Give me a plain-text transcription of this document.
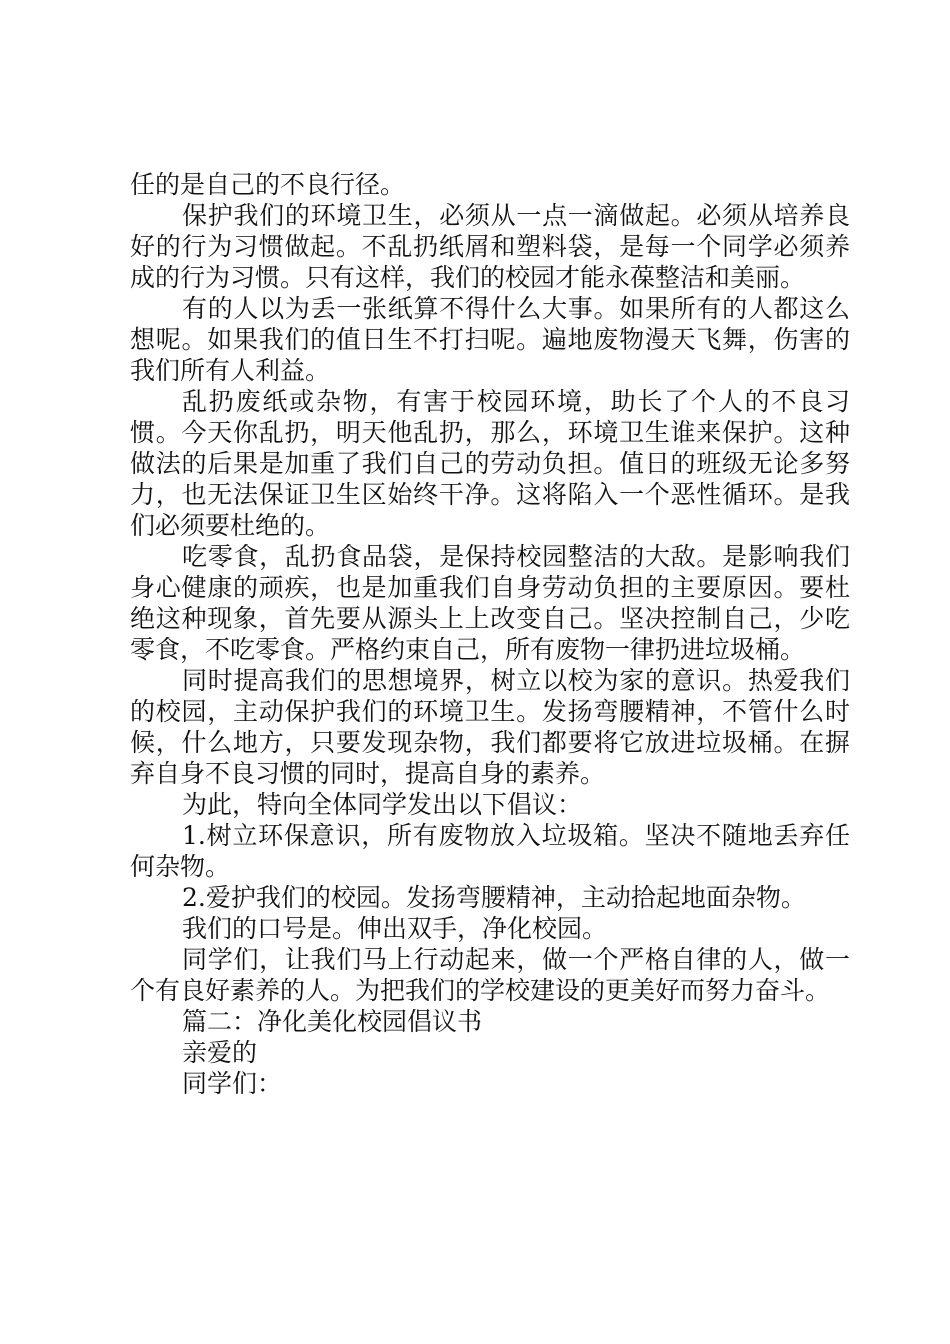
任的是自己的不良行径。

保护我们的环境卫生，必须从一点一滴做起。必须从培养良好的行为习惯做起。不乱扔纸屑和塑料袋，是每一个同学必须养成的行为习惯。只有这样，我们的校园才能永葆整洁和美丽。

有的人以为丢一张纸算不得什么大事。如果所有的人都这么想呢。如果我们的值日生不打扫呢。遍地废物漫天飞舞，伤害的我们所有人利益。

乱扔废纸或杂物，有害于校园环境，助长了个人的不良习惯。今天你乱扔，明天他乱扔，那么，环境卫生谁来保护。这种做法的后果是加重了我们自己的劳动负担。值日的班级无论多努力，也无法保证卫生区始终干净。这将陷入一个恶性循环。是我们必须要杜绝的。

吃零食，乱扔食品袋，是保持校园整洁的大敌。是影响我们身心健康的顽疾，也是加重我们自身劳动负担的主要原因。要杜绝这种现象，首先要从源头上上改变自己。坚决控制自己，少吃零食，不吃零食。严格约束自己，所有废物一律扔进垃圾桶。

同时提高我们的思想境界，树立以校为家的意识。热爱我们的校园，主动保护我们的环境卫生。发扬弯腰精神，不管什么时候，什么地方，只要发现杂物，我们都要将它放进垃圾桶。在摒弃自身不良习惯的同时，提高自身的素养。

为此，特向全体同学发出以下倡议：

1.树立环保意识，所有废物放入垃圾箱。坚决不随地丢弃任何杂物。

2.爱护我们的校园。发扬弯腰精神，主动拾起地面杂物。

我们的口号是。伸出双手，净化校园。

同学们，让我们马上行动起来，做一个严格自律的人，做一个有良好素养的人。为把我们的学校建设的更美好而努力奋斗。

篇二：净化美化校园倡议书

亲爱的

同学们：
